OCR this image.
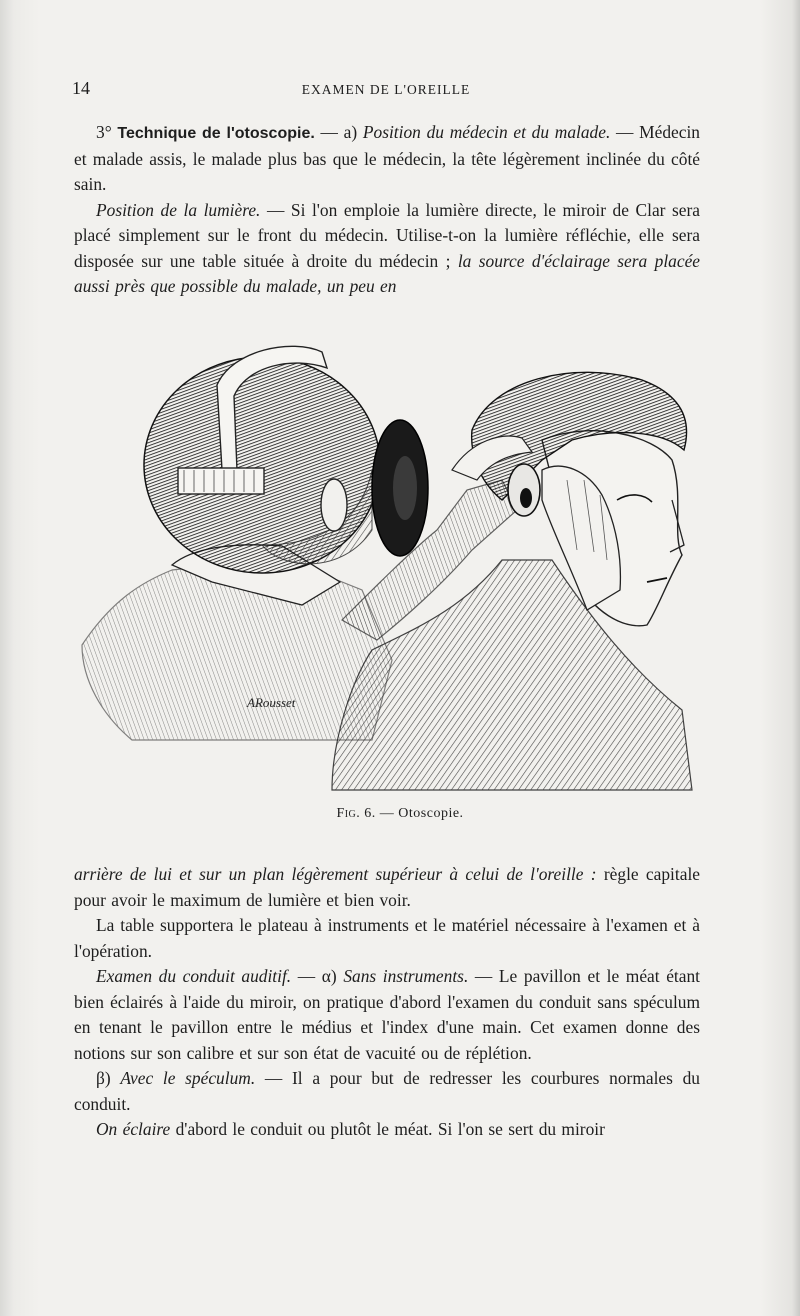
14	EXAMEN DE L'OREILLE

3° Technique de l'otoscopie. — a) Position du médecin et du malade. — Médecin et malade assis, le malade plus bas que le médecin, la tête légèrement inclinée du côté sain.

Position de la lumière. — Si l'on emploie la lumière directe, le miroir de Clar sera placé simplement sur le front du médecin. Utilise-t-on la lumière réfléchie, elle sera disposée sur une table située à droite du médecin ; la source d'éclairage sera placée aussi près que possible du malade, un peu en

ARousset
Fig. 6. — Otoscopie.

arrière de lui et sur un plan légèrement supérieur à celui de l'oreille : règle capitale pour avoir le maximum de lumière et bien voir.

La table supportera le plateau à instruments et le matériel nécessaire à l'examen et à l'opération.

Examen du conduit auditif. — α) Sans instruments. — Le pavillon et le méat étant bien éclairés à l'aide du miroir, on pratique d'abord l'examen du conduit sans spéculum en tenant le pavillon entre le médius et l'index d'une main. Cet examen donne des notions sur son calibre et sur son état de vacuité ou de réplétion.

β) Avec le spéculum. — Il a pour but de redresser les courbures normales du conduit.

On éclaire d'abord le conduit ou plutôt le méat. Si l'on se sert du miroir
